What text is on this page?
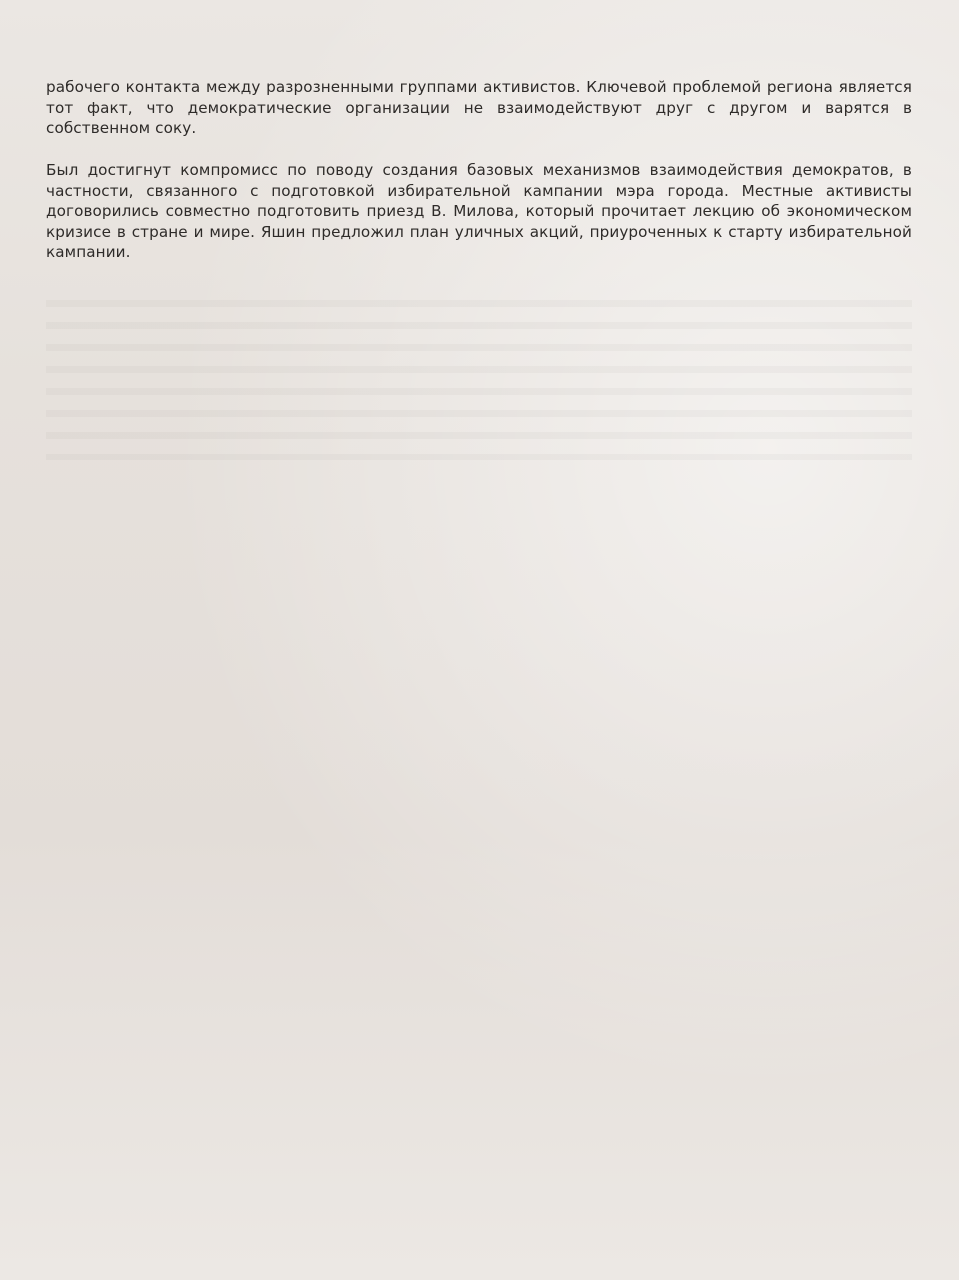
рабочего контакта между разрозненными группами активистов. Ключевой проблемой региона является тот факт, что демократические организации не взаимодействуют друг с другом и варятся в собственном соку.

Был достигнут компромисс по поводу создания базовых механизмов взаимодействия демократов, в частности, связанного с подготовкой избирательной кампании мэра города. Местные активисты договорились совместно подготовить приезд В. Милова, который прочитает лекцию об экономическом кризисе в стране и мире. Яшин предложил план уличных акций, приуроченных к старту избирательной кампании.
